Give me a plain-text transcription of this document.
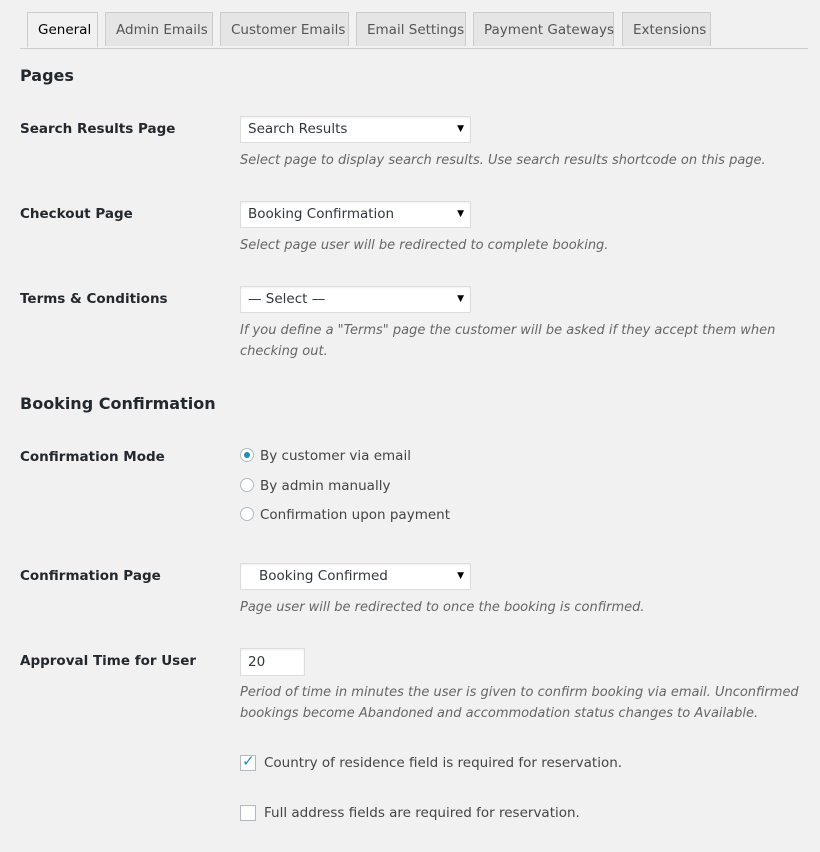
General	Admin Emails	Customer Emails	Email Settings	Payment Gateways	Extensions
Pages
Search Results Page	Search Results	▼
Select page to display search results. Use search results shortcode on this page.
Checkout Page	Booking Confirmation	▼
Select page user will be redirected to complete booking.
Terms & Conditions	— Select —	▼
If you define a "Terms" page the customer will be asked if they accept them when checking out.
Booking Confirmation
Confirmation Mode	By customer via email
By admin manually
Confirmation upon payment
Confirmation Page	Booking Confirmed	▼
Page user will be redirected to once the booking is confirmed.
Approval Time for User	20
Period of time in minutes the user is given to confirm booking via email. Unconfirmed bookings become Abandoned and accommodation status changes to Available.
✓ Country of residence field is required for reservation.
Full address fields are required for reservation.
